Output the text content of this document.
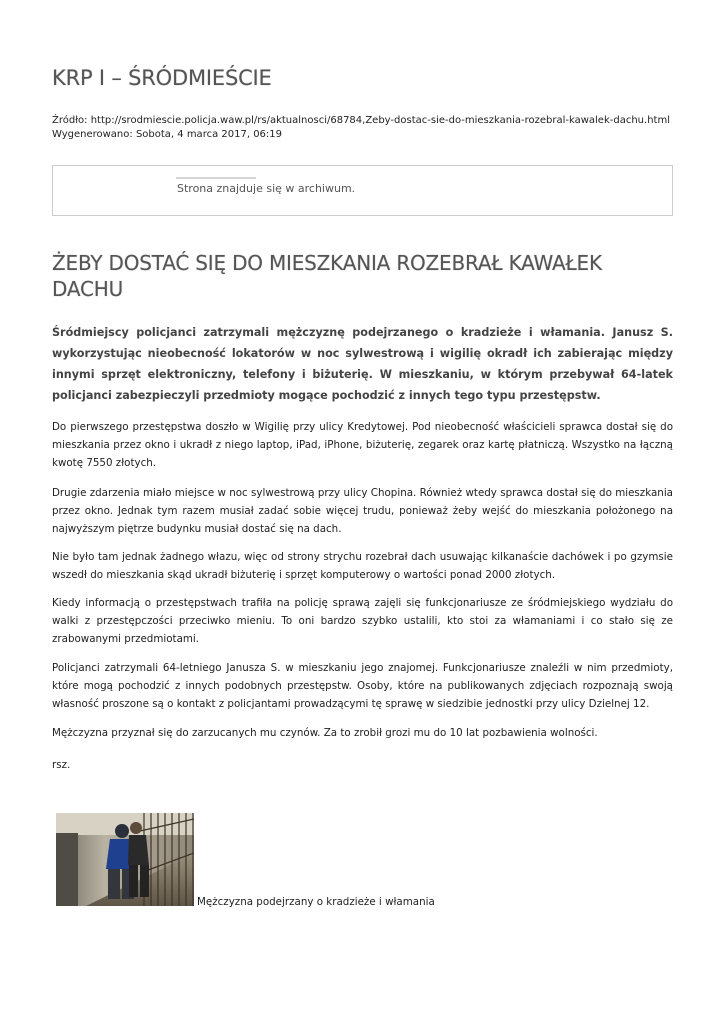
KRP I – ŚRÓDMIEŚCIE
Źródło: http://srodmiescie.policja.waw.pl/rs/aktualnosci/68784,Zeby-dostac-sie-do-mieszkania-rozebral-kawalek-dachu.html
Wygenerowano: Sobota, 4 marca 2017, 06:19
Strona znajduje się w archiwum.
ŻEBY DOSTAĆ SIĘ DO MIESZKANIA ROZEBRAŁ KAWAŁEK DACHU

Śródmiejscy policjanci zatrzymali mężczyznę podejrzanego o kradzieże i włamania. Janusz S. wykorzystując nieobecność lokatorów w noc sylwestrową i wigilię okradł ich zabierając między innymi sprzęt elektroniczny, telefony i biżuterię. W mieszkaniu, w którym przebywał 64-latek policjanci zabezpieczyli przedmioty mogące pochodzić z innych tego typu przestępstw.

Do pierwszego przestępstwa doszło w Wigilię przy ulicy Kredytowej. Pod nieobecność właścicieli sprawca dostał się do mieszkania przez okno i ukradł z niego laptop, iPad, iPhone, biżuterię, zegarek oraz kartę płatniczą. Wszystko na łączną kwotę 7550 złotych.

Drugie zdarzenia miało miejsce w noc sylwestrową przy ulicy Chopina. Również wtedy sprawca dostał się do mieszkania przez okno. Jednak tym razem musiał zadać sobie więcej trudu, ponieważ żeby wejść do mieszkania położonego na najwyższym piętrze budynku musiał dostać się na dach.

Nie było tam jednak żadnego włazu, więc od strony strychu rozebrał dach usuwając kilkanaście dachówek i po gzymsie wszedł do mieszkania skąd ukradł biżuterię i sprzęt komputerowy o wartości ponad 2000 złotych.

Kiedy informacją o przestępstwach trafiła na policję sprawą zajęli się funkcjonariusze ze śródmiejskiego wydziału do walki z przestępczości przeciwko mieniu. To oni bardzo szybko ustalili, kto stoi za włamaniami i co stało się ze zrabowanymi przedmiotami.

Policjanci zatrzymali 64-letniego Janusza S. w mieszkaniu jego znajomej. Funkcjonariusze znaleźli w nim przedmioty, które mogą pochodzić z innych podobnych przestępstw. Osoby, które na publikowanych zdjęciach rozpoznają swoją własność proszone są o kontakt z policjantami prowadzącymi tę sprawę w siedzibie jednostki przy ulicy Dzielnej 12.

Mężczyzna przyznał się do zarzucanych mu czynów. Za to zrobił grozi mu do 10 lat pozbawienia wolności.

rsz.

Mężczyzna podejrzany o kradzieże i włamania
